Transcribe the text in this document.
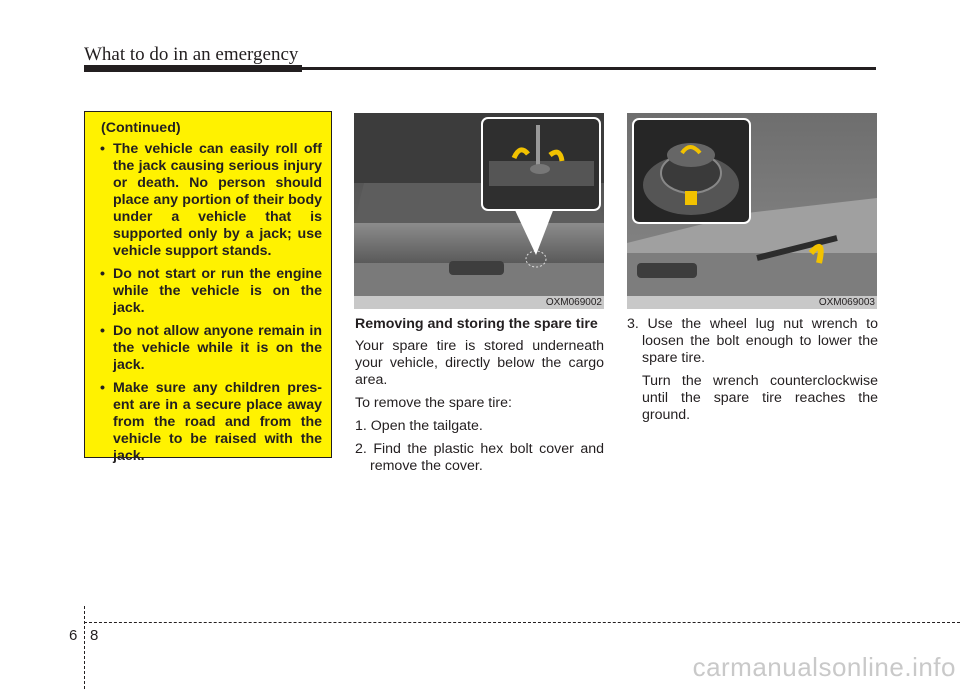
What to do in an emergency
(Continued)
• The vehicle can easily roll off the jack causing serious injury or death. No person should place any portion of their body under a vehicle that is supported only by a jack; use vehicle support stands.
• Do not start or run the engine while the vehicle is on the jack.
• Do not allow anyone remain in the vehicle while it is on the jack.
• Make sure any children pres- ent are in a secure place away from the road and from the vehicle to be raised with the jack.
OXM069002	OXM069003

Removing and storing the spare tire

Your spare tire is stored underneath your vehicle, directly below the cargo area.

To remove the spare tire:

1. Open the tailgate.

2. Find the plastic hex bolt cover and remove the cover.

3. Use the wheel lug nut wrench to loosen the bolt enough to lower the spare tire.

Turn the wrench counterclockwise until the spare tire reaches the ground.

6 8
carmanualsonline.info
